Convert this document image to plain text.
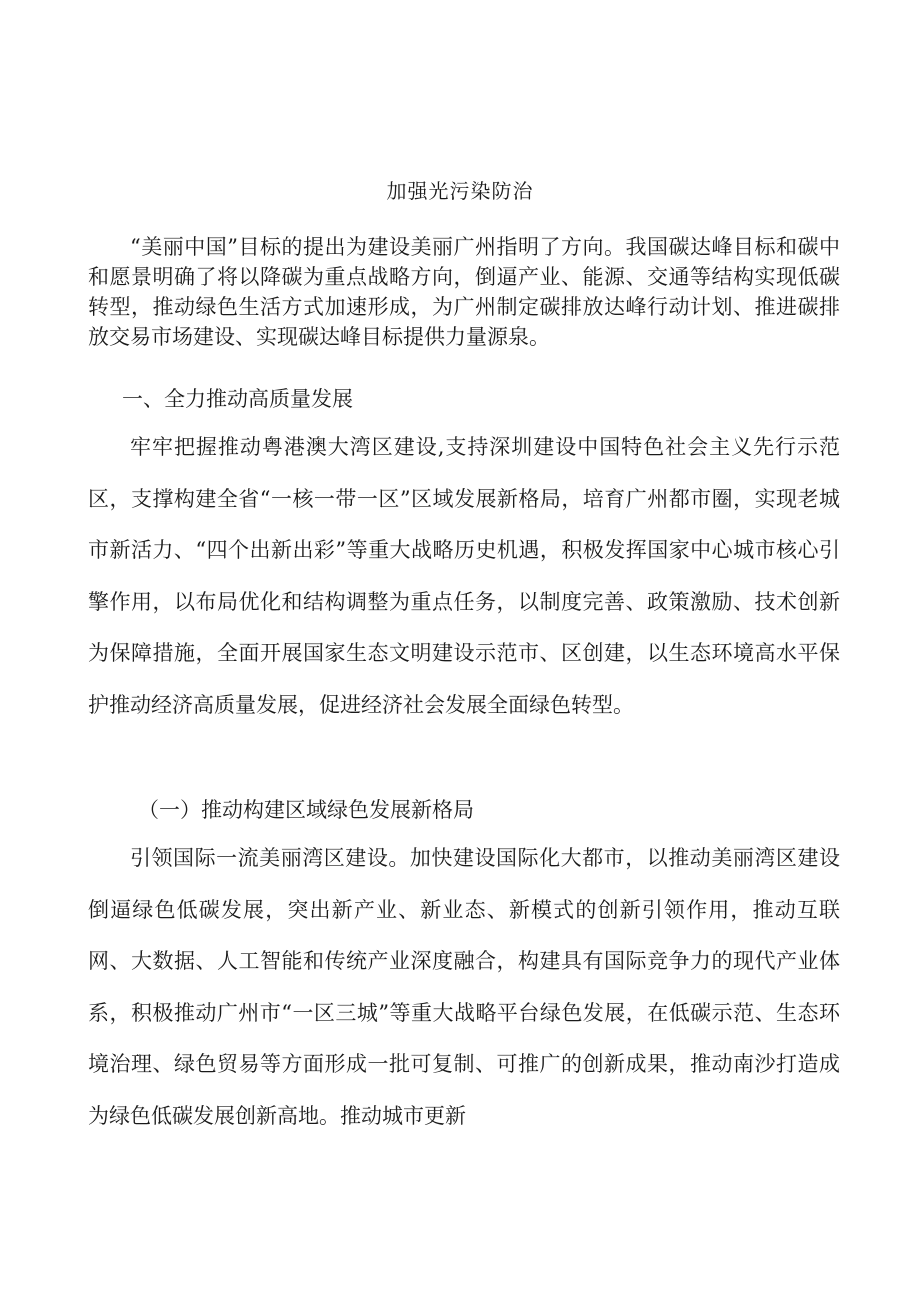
加强光污染防治

“美丽中国”目标的提出为建设美丽广州指明了方向。我国碳达峰目标和碳中和愿景明确了将以降碳为重点战略方向，倒逼产业、能源、交通等结构实现低碳转型，推动绿色生活方式加速形成，为广州制定碳排放达峰行动计划、推进碳排放交易市场建设、实现碳达峰目标提供力量源泉。

一、全力推动高质量发展

牢牢把握推动粤港澳大湾区建设,支持深圳建设中国特色社会主义先行示范区，支撑构建全省“一核一带一区”区域发展新格局，培育广州都市圈，实现老城市新活力、“四个出新出彩”等重大战略历史机遇，积极发挥国家中心城市核心引擎作用，以布局优化和结构调整为重点任务，以制度完善、政策激励、技术创新为保障措施，全面开展国家生态文明建设示范市、区创建，以生态环境高水平保护推动经济高质量发展，促进经济社会发展全面绿色转型。

（一）推动构建区域绿色发展新格局

引领国际一流美丽湾区建设。加快建设国际化大都市，以推动美丽湾区建设倒逼绿色低碳发展，突出新产业、新业态、新模式的创新引领作用，推动互联网、大数据、人工智能和传统产业深度融合，构建具有国际竞争力的现代产业体系，积极推动广州市“一区三城”等重大战略平台绿色发展，在低碳示范、生态环境治理、绿色贸易等方面形成一批可复制、可推广的创新成果，推动南沙打造成为绿色低碳发展创新高地。推动城市更新
